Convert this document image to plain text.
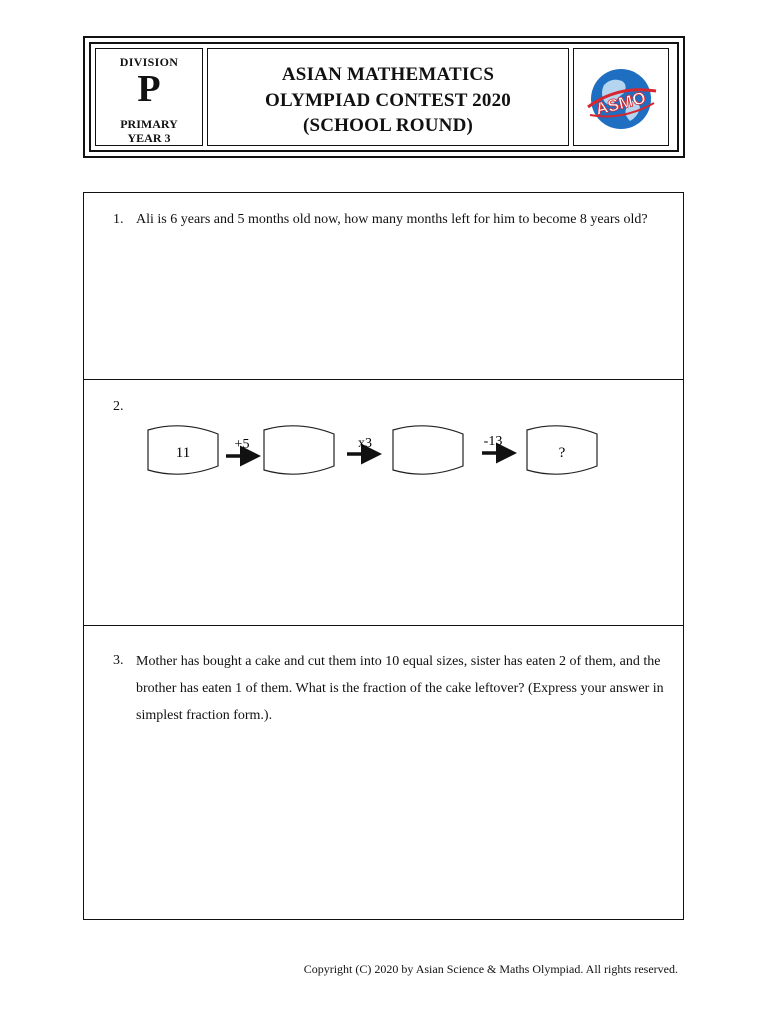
DIVISION
P
PRIMARY
YEAR 3
ASIAN MATHEMATICS
OLYMPIAD CONTEST 2020
(SCHOOL ROUND)
ASMO
1. Ali is 6 years and 5 months old now, how many months left for him to become 8 years old?
2.
11
+5	x3	-13
?
3. Mother has bought a cake and cut them into 10 equal sizes, sister has eaten 2 of them, and the brother has eaten 1 of them. What is the fraction of the cake leftover? (Express your answer in simplest fraction form.).
Copyright (C) 2020 by Asian Science & Maths Olympiad. All rights reserved.
